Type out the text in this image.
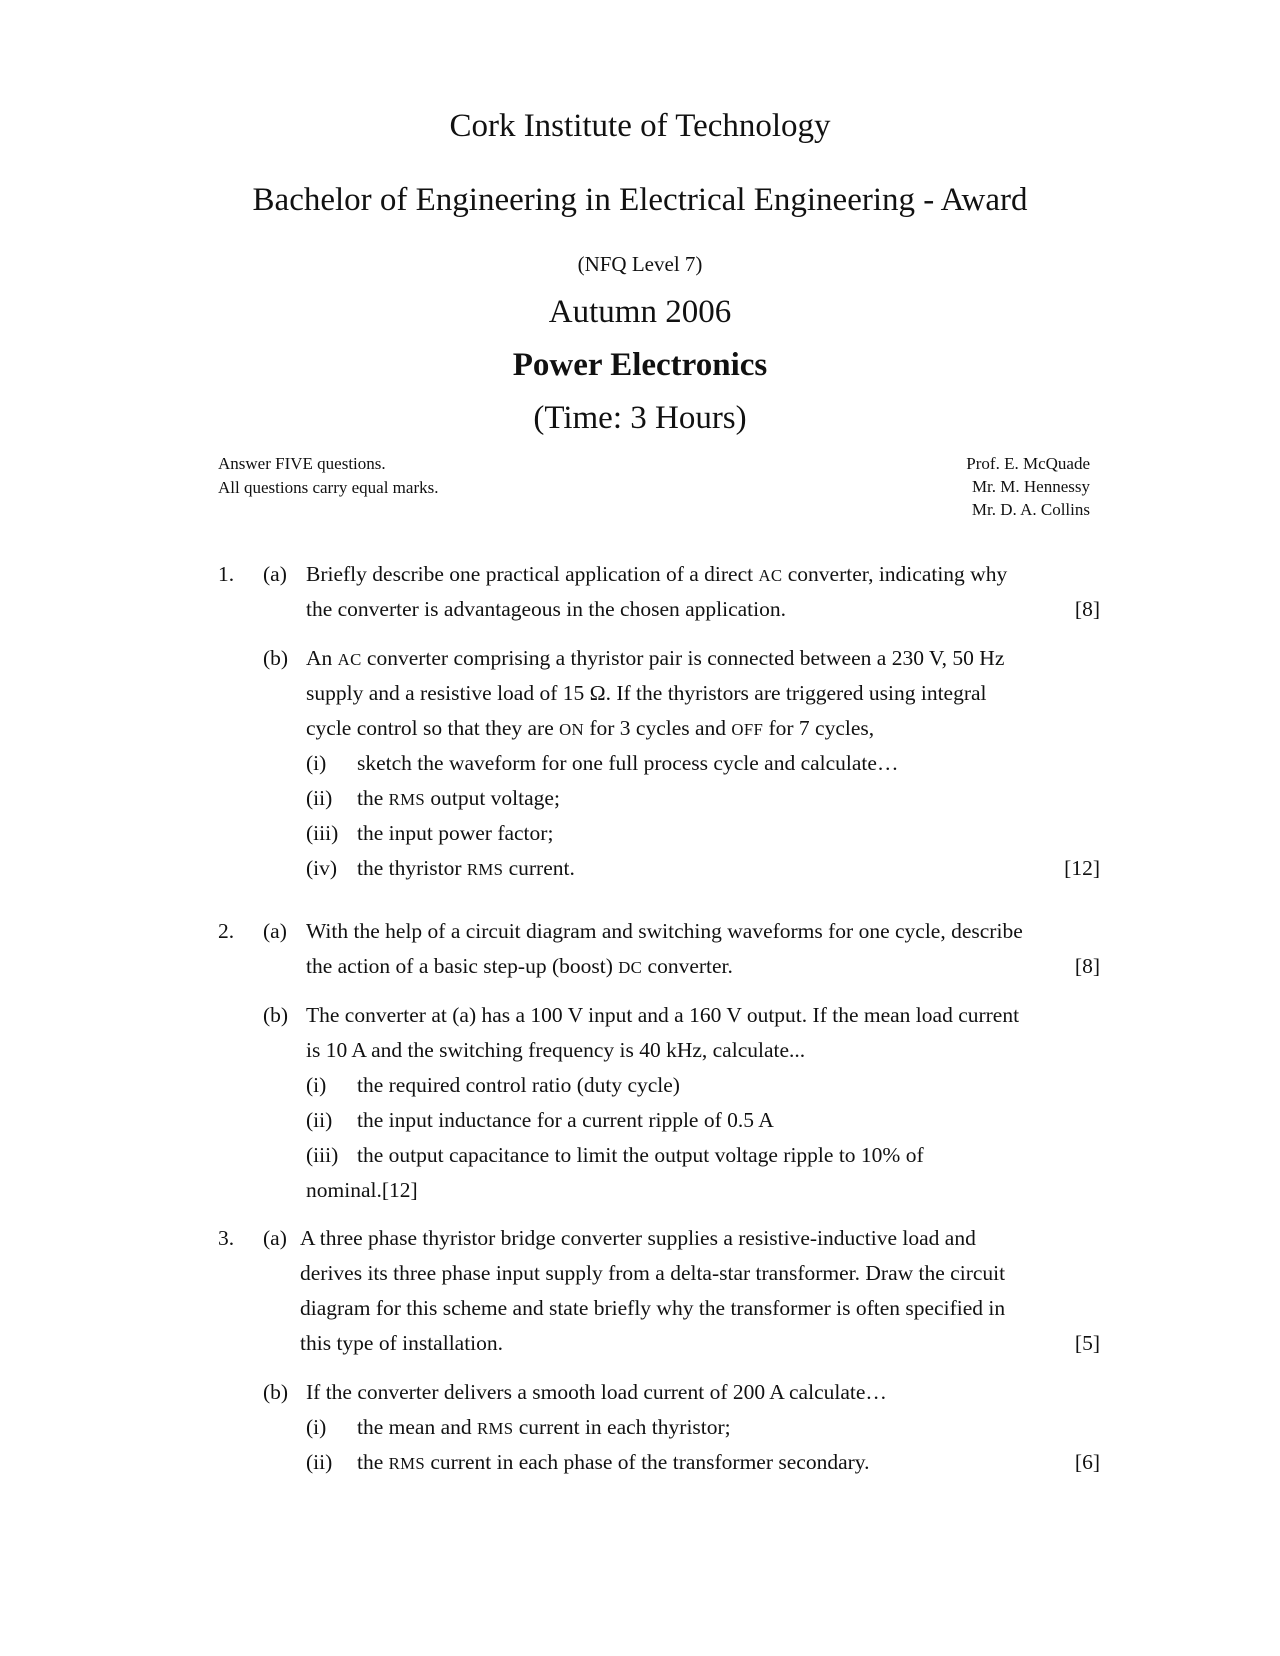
Cork Institute of Technology
Bachelor of Engineering in Electrical Engineering - Award
(NFQ Level 7)
Autumn 2006
Power Electronics
(Time: 3 Hours)
Answer FIVE questions.
All questions carry equal marks.
Prof. E. McQuade
Mr. M. Hennessy
Mr. D. A. Collins
1. (a) Briefly describe one practical application of a direct AC converter, indicating why
the converter is advantageous in the chosen application.	[8]
(b) An AC converter comprising a thyristor pair is connected between a 230 V, 50 Hz
supply and a resistive load of 15 Ω. If the thyristors are triggered using integral
cycle control so that they are ON for 3 cycles and OFF for 7 cycles,
(i) sketch the waveform for one full process cycle and calculate…
(ii) the RMS output voltage;
(iii) the input power factor;
(iv) the thyristor RMS current.	[12]
2. (a) With the help of a circuit diagram and switching waveforms for one cycle, describe
the action of a basic step-up (boost) DC converter.	[8]
(b) The converter at (a) has a 100 V input and a 160 V output. If the mean load current
is 10 A and the switching frequency is 40 kHz, calculate...
(i) the required control ratio (duty cycle)
(ii) the input inductance for a current ripple of 0.5 A
(iii) the output capacitance to limit the output voltage ripple to 10% of
nominal.[12]
3. (a) A three phase thyristor bridge converter supplies a resistive-inductive load and
derives its three phase input supply from a delta-star transformer. Draw the circuit
diagram for this scheme and state briefly why the transformer is often specified in
this type of installation.	[5]
(b) If the converter delivers a smooth load current of 200 A calculate…
(i) the mean and RMS current in each thyristor;
(ii) the RMS current in each phase of the transformer secondary.	[6]
